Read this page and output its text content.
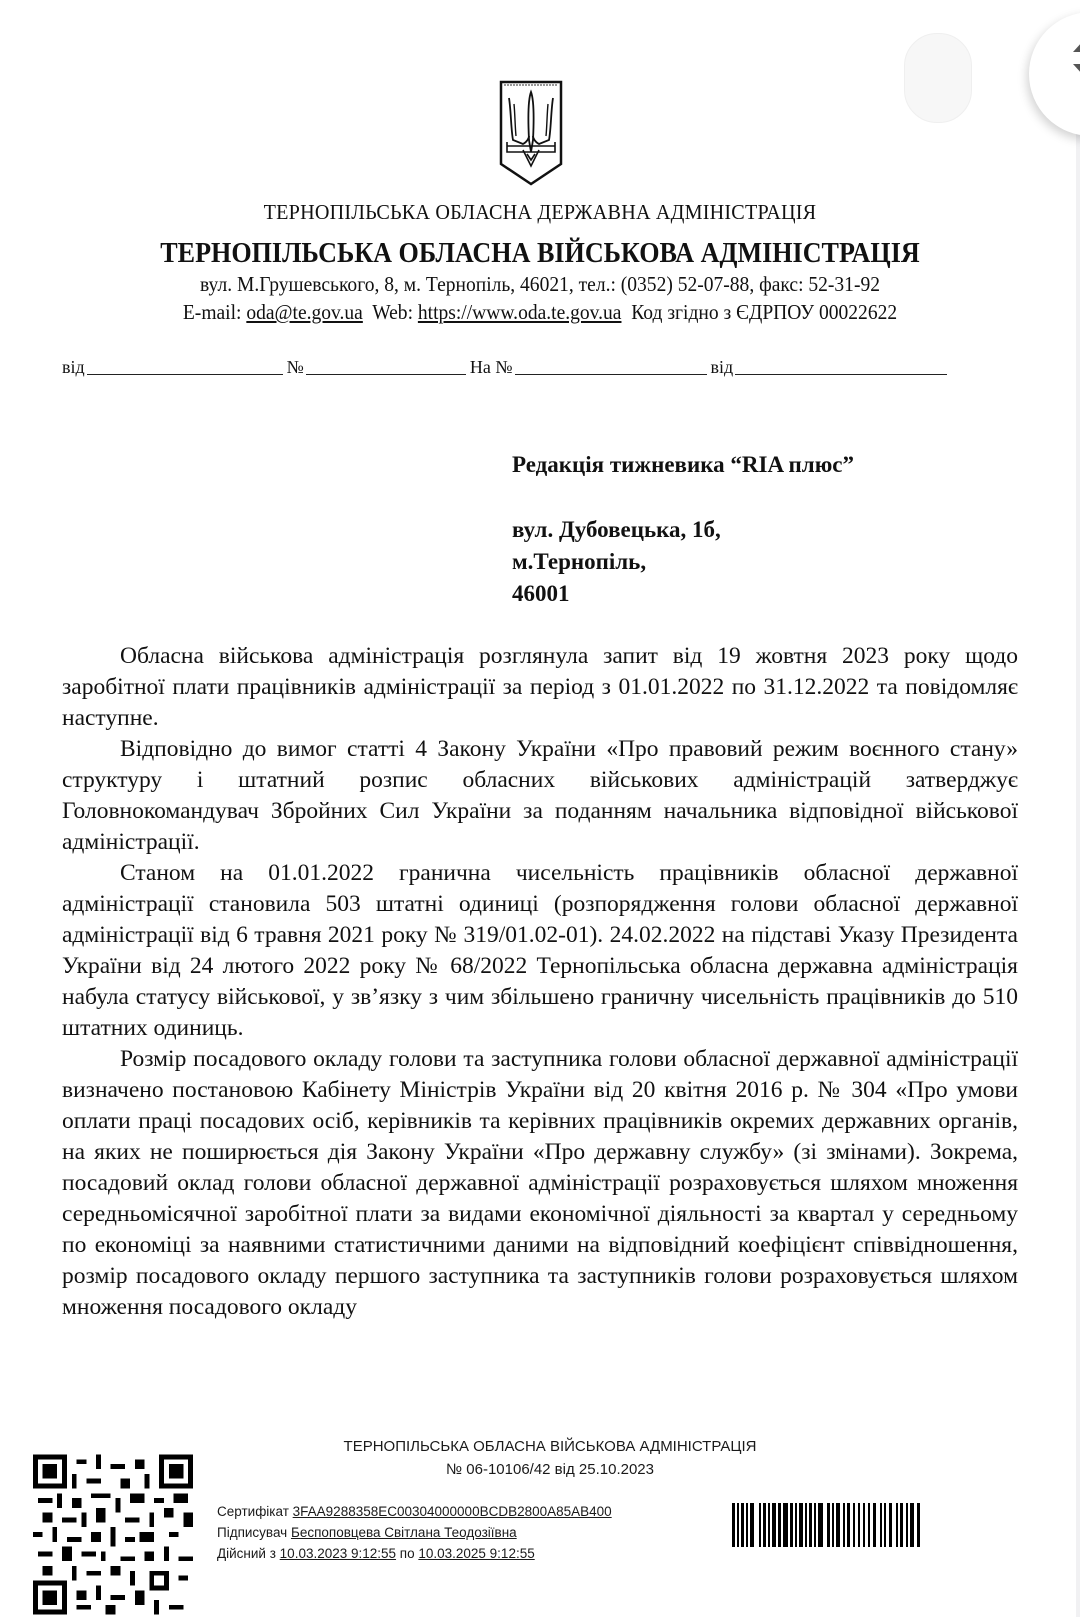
ТЕРНОПІЛЬСЬКА ОБЛАСНА ДЕРЖАВНА АДМІНІСТРАЦІЯ
ТЕРНОПІЛЬСЬКА ОБЛАСНА ВІЙСЬКОВА АДМІНІСТРАЦІЯ
вул. М.Грушевського, 8, м. Тернопіль, 46021, тел.: (0352) 52-07-88, факс: 52-31-92
E-mail: oda@te.gov.ua  Web: https://www.oda.te.gov.ua  Код згідно з ЄДРПОУ 00022622
від	№	На №	від
Редакція тижневика “RIA плюс”
вул. Дубовецька, 1б,
м.Тернопіль,
46001

Обласна військова адміністрація розглянула запит від 19 жовтня 2023 року щодо заробітної плати працівників адміністрації за період з 01.01.2022 по 31.12.2022 та повідомляє наступне.

Відповідно до вимог статті 4 Закону України «Про правовий режим воєнного стану» структуру і штатний розпис обласних військових адміністрацій затверджує Головнокомандувач Збройних Сил України за поданням начальника відповідної військової адміністрації.

Станом на 01.01.2022 гранична чисельність працівників обласної державної адміністрації становила 503 штатні одиниці (розпорядження голови обласної державної адміністрації від 6 травня 2021 року № 319/01.02-01). 24.02.2022 на підставі Указу Президента України від 24 лютого 2022 року № 68/2022 Тернопільська обласна державна адміністрація набула статусу військової, у зв’язку з чим збільшено граничну чисельність працівників до 510 штатних одиниць.

Розмір посадового окладу голови та заступника голови обласної державної адміністрації визначено постановою Кабінету Міністрів України від 20 квітня 2016 р. № 304 «Про умови оплати праці посадових осіб, керівників та керівних працівників окремих державних органів, на яких не поширюється дія Закону України «Про державну службу» (зі змінами). Зокрема, посадовий оклад голови обласної державної адміністрації розраховується шляхом множення середньомісячної заробітної плати за видами економічної діяльності за квартал у середньому по економіці за наявними статистичними даними на відповідний коефіцієнт співвідношення, розмір посадового окладу першого заступника та заступників голови розраховується шляхом множення посадового окладу

ТЕРНОПІЛЬСЬКА ОБЛАСНА ВІЙСЬКОВА АДМІНІСТРАЦІЯ
№ 06-10106/42 від 25.10.2023
Сертифікат 3FAA9288358EC00304000000BCDB2800A85AB400
Підписувач Беспоповцева Світлана Теодозіївна
Дійсний з 10.03.2023 9:12:55 по 10.03.2025 9:12:55
